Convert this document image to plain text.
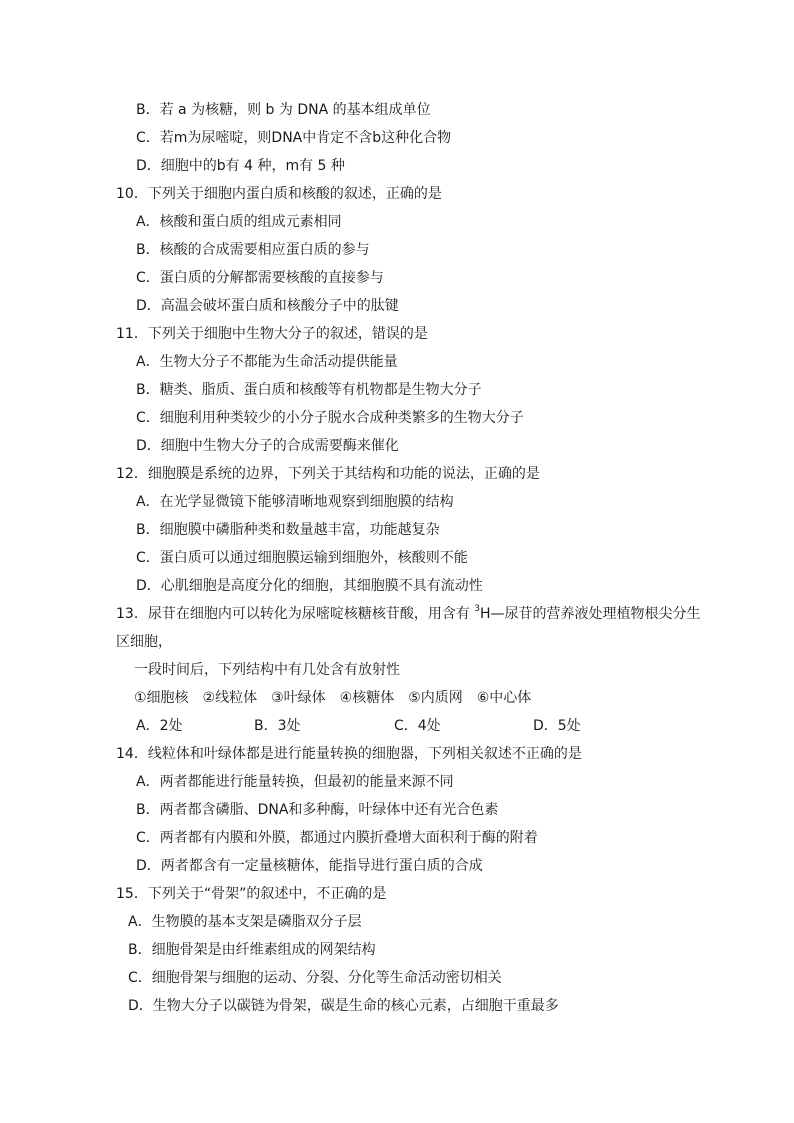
B．若 a 为核糖，则 b 为 DNA 的基本组成单位
C．若m为尿嘧啶，则DNA中肯定不含b这种化合物
D．细胞中的b有 4 种，m有 5 种
10．下列关于细胞内蛋白质和核酸的叙述，正确的是
A．核酸和蛋白质的组成元素相同
B．核酸的合成需要相应蛋白质的参与
C．蛋白质的分解都需要核酸的直接参与
D．高温会破坏蛋白质和核酸分子中的肽键
11．下列关于细胞中生物大分子的叙述，错误的是
A．生物大分子不都能为生命活动提供能量
B．糖类、脂质、蛋白质和核酸等有机物都是生物大分子
C．细胞利用种类较少的小分子脱水合成种类繁多的生物大分子
D．细胞中生物大分子的合成需要酶来催化
12．细胞膜是系统的边界，下列关于其结构和功能的说法，正确的是
A．在光学显微镜下能够清晰地观察到细胞膜的结构
B．细胞膜中磷脂种类和数量越丰富，功能越复杂
C．蛋白质可以通过细胞膜运输到细胞外，核酸则不能
D．心肌细胞是高度分化的细胞，其细胞膜不具有流动性
13．尿苷在细胞内可以转化为尿嘧啶核糖核苷酸，用含有 $^3$H—尿苷的营养液处理植物根尖分生
区细胞，
一段时间后，下列结构中有几处含有放射性
①细胞核　②线粒体　③叶绿体　④核糖体　⑤内质网　⑥中心体
A．2处	B．3处	C．4处	D．5处
14．线粒体和叶绿体都是进行能量转换的细胞器，下列相关叙述不正确的是
A．两者都能进行能量转换，但最初的能量来源不同
B．两者都含磷脂、DNA和多种酶，叶绿体中还有光合色素
C．两者都有内膜和外膜，都通过内膜折叠增大面积利于酶的附着
D．两者都含有一定量核糖体，能指导进行蛋白质的合成
15．下列关于“骨架”的叙述中，不正确的是
A．生物膜的基本支架是磷脂双分子层
B．细胞骨架是由纤维素组成的网架结构
C．细胞骨架与细胞的运动、分裂、分化等生命活动密切相关
D．生物大分子以碳链为骨架，碳是生命的核心元素，占细胞干重最多
